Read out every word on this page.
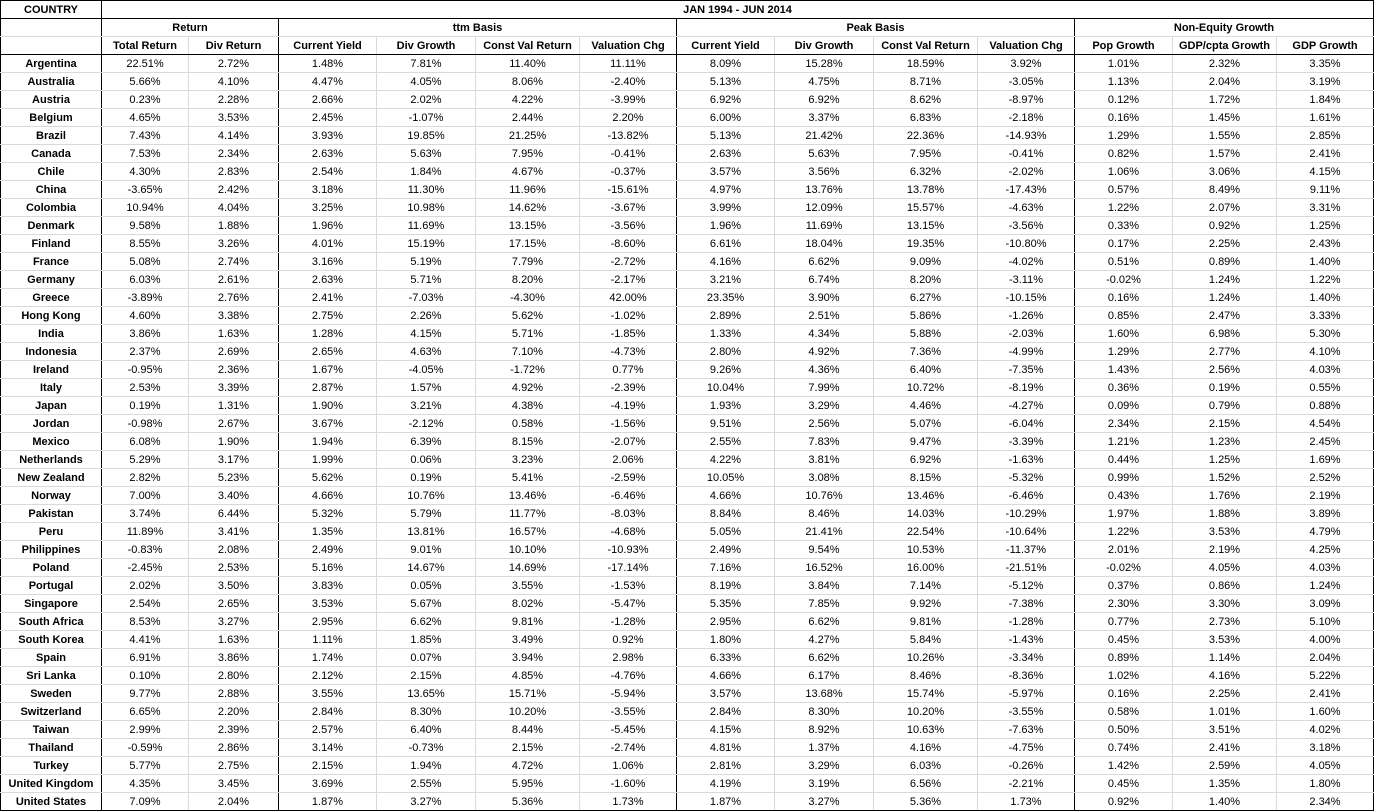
COUNTRY	JAN 1994 - JUN 2014												
	Return		ttm Basis				Peak Basis				Non-Equity Growth		
	Total Return	Div Return	Current Yield	Div Growth	Const Val Return	Valuation Chg	Current Yield	Div Growth	Const Val Return	Valuation Chg	Pop Growth	GDP/cpta Growth	GDP Growth
Argentina	22.51%	2.72%	1.48%	7.81%	11.40%	11.11%	8.09%	15.28%	18.59%	3.92%	1.01%	2.32%	3.35%
Australia	5.66%	4.10%	4.47%	4.05%	8.06%	-2.40%	5.13%	4.75%	8.71%	-3.05%	1.13%	2.04%	3.19%
Austria	0.23%	2.28%	2.66%	2.02%	4.22%	-3.99%	6.92%	6.92%	8.62%	-8.97%	0.12%	1.72%	1.84%
Belgium	4.65%	3.53%	2.45%	-1.07%	2.44%	2.20%	6.00%	3.37%	6.83%	-2.18%	0.16%	1.45%	1.61%
Brazil	7.43%	4.14%	3.93%	19.85%	21.25%	-13.82%	5.13%	21.42%	22.36%	-14.93%	1.29%	1.55%	2.85%
Canada	7.53%	2.34%	2.63%	5.63%	7.95%	-0.41%	2.63%	5.63%	7.95%	-0.41%	0.82%	1.57%	2.41%
Chile	4.30%	2.83%	2.54%	1.84%	4.67%	-0.37%	3.57%	3.56%	6.32%	-2.02%	1.06%	3.06%	4.15%
China	-3.65%	2.42%	3.18%	11.30%	11.96%	-15.61%	4.97%	13.76%	13.78%	-17.43%	0.57%	8.49%	9.11%
Colombia	10.94%	4.04%	3.25%	10.98%	14.62%	-3.67%	3.99%	12.09%	15.57%	-4.63%	1.22%	2.07%	3.31%
Denmark	9.58%	1.88%	1.96%	11.69%	13.15%	-3.56%	1.96%	11.69%	13.15%	-3.56%	0.33%	0.92%	1.25%
Finland	8.55%	3.26%	4.01%	15.19%	17.15%	-8.60%	6.61%	18.04%	19.35%	-10.80%	0.17%	2.25%	2.43%
France	5.08%	2.74%	3.16%	5.19%	7.79%	-2.72%	4.16%	6.62%	9.09%	-4.02%	0.51%	0.89%	1.40%
Germany	6.03%	2.61%	2.63%	5.71%	8.20%	-2.17%	3.21%	6.74%	8.20%	-3.11%	-0.02%	1.24%	1.22%
Greece	-3.89%	2.76%	2.41%	-7.03%	-4.30%	42.00%	23.35%	3.90%	6.27%	-10.15%	0.16%	1.24%	1.40%
Hong Kong	4.60%	3.38%	2.75%	2.26%	5.62%	-1.02%	2.89%	2.51%	5.86%	-1.26%	0.85%	2.47%	3.33%
India	3.86%	1.63%	1.28%	4.15%	5.71%	-1.85%	1.33%	4.34%	5.88%	-2.03%	1.60%	6.98%	5.30%
Indonesia	2.37%	2.69%	2.65%	4.63%	7.10%	-4.73%	2.80%	4.92%	7.36%	-4.99%	1.29%	2.77%	4.10%
Ireland	-0.95%	2.36%	1.67%	-4.05%	-1.72%	0.77%	9.26%	4.36%	6.40%	-7.35%	1.43%	2.56%	4.03%
Italy	2.53%	3.39%	2.87%	1.57%	4.92%	-2.39%	10.04%	7.99%	10.72%	-8.19%	0.36%	0.19%	0.55%
Japan	0.19%	1.31%	1.90%	3.21%	4.38%	-4.19%	1.93%	3.29%	4.46%	-4.27%	0.09%	0.79%	0.88%
Jordan	-0.98%	2.67%	3.67%	-2.12%	0.58%	-1.56%	9.51%	2.56%	5.07%	-6.04%	2.34%	2.15%	4.54%
Mexico	6.08%	1.90%	1.94%	6.39%	8.15%	-2.07%	2.55%	7.83%	9.47%	-3.39%	1.21%	1.23%	2.45%
Netherlands	5.29%	3.17%	1.99%	0.06%	3.23%	2.06%	4.22%	3.81%	6.92%	-1.63%	0.44%	1.25%	1.69%
New Zealand	2.82%	5.23%	5.62%	0.19%	5.41%	-2.59%	10.05%	3.08%	8.15%	-5.32%	0.99%	1.52%	2.52%
Norway	7.00%	3.40%	4.66%	10.76%	13.46%	-6.46%	4.66%	10.76%	13.46%	-6.46%	0.43%	1.76%	2.19%
Pakistan	3.74%	6.44%	5.32%	5.79%	11.77%	-8.03%	8.84%	8.46%	14.03%	-10.29%	1.97%	1.88%	3.89%
Peru	11.89%	3.41%	1.35%	13.81%	16.57%	-4.68%	5.05%	21.41%	22.54%	-10.64%	1.22%	3.53%	4.79%
Philippines	-0.83%	2.08%	2.49%	9.01%	10.10%	-10.93%	2.49%	9.54%	10.53%	-11.37%	2.01%	2.19%	4.25%
Poland	-2.45%	2.53%	5.16%	14.67%	14.69%	-17.14%	7.16%	16.52%	16.00%	-21.51%	-0.02%	4.05%	4.03%
Portugal	2.02%	3.50%	3.83%	0.05%	3.55%	-1.53%	8.19%	3.84%	7.14%	-5.12%	0.37%	0.86%	1.24%
Singapore	2.54%	2.65%	3.53%	5.67%	8.02%	-5.47%	5.35%	7.85%	9.92%	-7.38%	2.30%	3.30%	3.09%
South Africa	8.53%	3.27%	2.95%	6.62%	9.81%	-1.28%	2.95%	6.62%	9.81%	-1.28%	0.77%	2.73%	5.10%
South Korea	4.41%	1.63%	1.11%	1.85%	3.49%	0.92%	1.80%	4.27%	5.84%	-1.43%	0.45%	3.53%	4.00%
Spain	6.91%	3.86%	1.74%	0.07%	3.94%	2.98%	6.33%	6.62%	10.26%	-3.34%	0.89%	1.14%	2.04%
Sri Lanka	0.10%	2.80%	2.12%	2.15%	4.85%	-4.76%	4.66%	6.17%	8.46%	-8.36%	1.02%	4.16%	5.22%
Sweden	9.77%	2.88%	3.55%	13.65%	15.71%	-5.94%	3.57%	13.68%	15.74%	-5.97%	0.16%	2.25%	2.41%
Switzerland	6.65%	2.20%	2.84%	8.30%	10.20%	-3.55%	2.84%	8.30%	10.20%	-3.55%	0.58%	1.01%	1.60%
Taiwan	2.99%	2.39%	2.57%	6.40%	8.44%	-5.45%	4.15%	8.92%	10.63%	-7.63%	0.50%	3.51%	4.02%
Thailand	-0.59%	2.86%	3.14%	-0.73%	2.15%	-2.74%	4.81%	1.37%	4.16%	-4.75%	0.74%	2.41%	3.18%
Turkey	5.77%	2.75%	2.15%	1.94%	4.72%	1.06%	2.81%	3.29%	6.03%	-0.26%	1.42%	2.59%	4.05%
United Kingdom	4.35%	3.45%	3.69%	2.55%	5.95%	-1.60%	4.19%	3.19%	6.56%	-2.21%	0.45%	1.35%	1.80%
United States	7.09%	2.04%	1.87%	3.27%	5.36%	1.73%	1.87%	3.27%	5.36%	1.73%	0.92%	1.40%	2.34%
